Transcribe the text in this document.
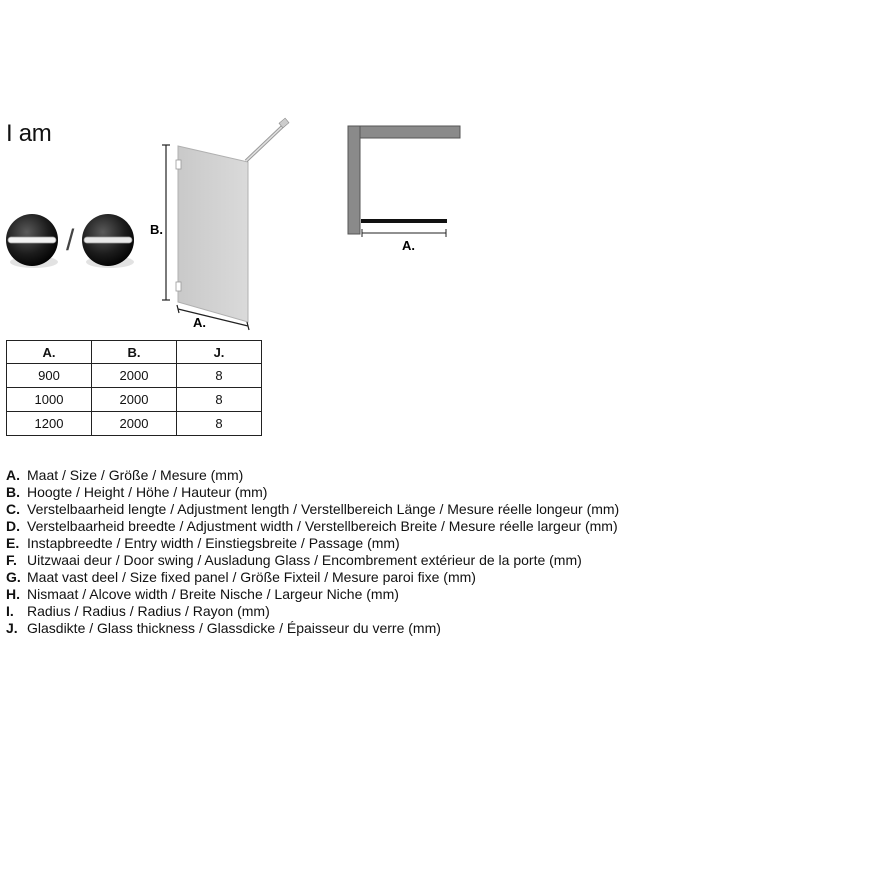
I am
/	B.
A.
A.
A.	B.	J.
900	2000	8
1000	2000	8
1200	2000	8
A. Maat / Size / Größe / Mesure (mm)
B. Hoogte / Height / Höhe / Hauteur (mm)
C. Verstelbaarheid lengte / Adjustment length / Verstellbereich Länge / Mesure réelle longeur (mm)
D. Verstelbaarheid breedte / Adjustment width / Verstellbereich Breite / Mesure réelle largeur (mm)
E. Instapbreedte / Entry width / Einstiegsbreite / Passage (mm)
F. Uitzwaai deur / Door swing / Ausladung Glass / Encombrement extérieur de la porte (mm)
G. Maat vast deel / Size fixed panel / Größe Fixteil / Mesure paroi fixe (mm)
H. Nismaat / Alcove width / Breite Nische / Largeur Niche (mm)
I. Radius / Radius / Radius / Rayon (mm)
J. Glasdikte / Glass thickness / Glassdicke / Épaisseur du verre (mm)
